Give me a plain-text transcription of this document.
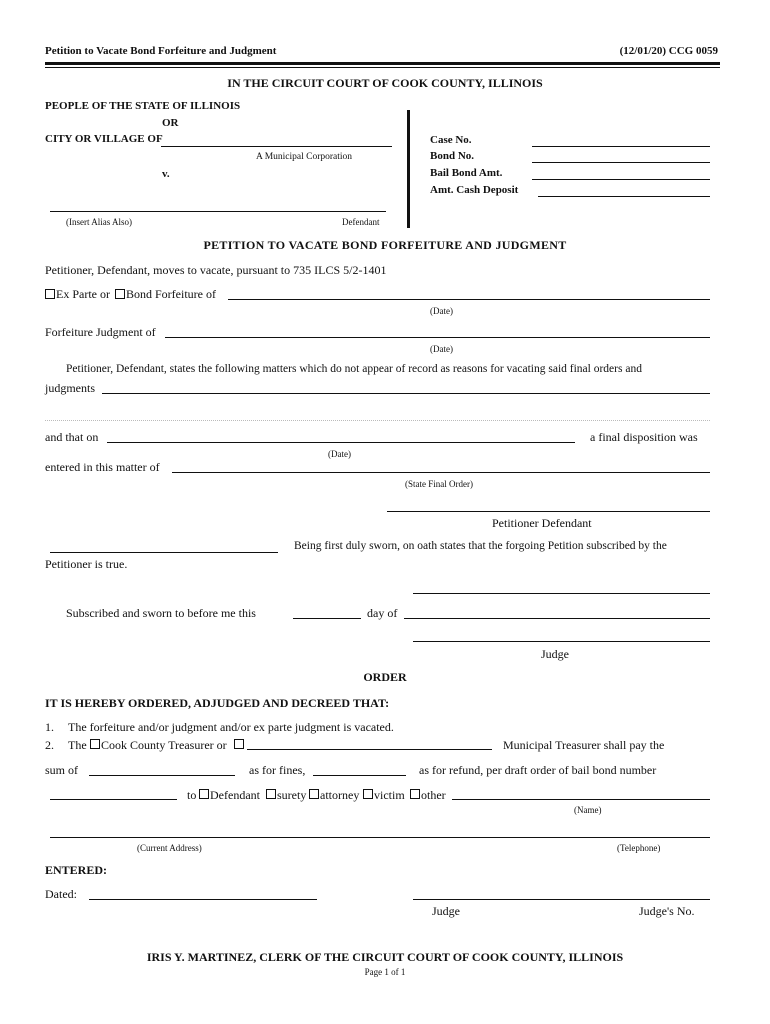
Petition to Vacate Bond Forfeiture and Judgment	(12/01/20) CCG 0059
IN THE CIRCUIT COURT OF COOK COUNTY, ILLINOIS
PEOPLE OF THE STATE OF ILLINOIS
OR
CITY OR VILLAGE OF
A Municipal Corporation
v.
(Insert Alias Also)	Defendant
Case No.
Bond No.
Bail Bond Amt.
Amt. Cash Deposit
PETITION TO VACATE BOND FORFEITURE AND JUDGMENT
Petitioner, Defendant, moves to vacate, pursuant to 735 ILCS 5/2-1401
Ex Parte or Bond Forfeiture of
(Date)
Forfeiture Judgment of
(Date)
Petitioner, Defendant, states the following matters which do not appear of record as reasons for vacating said final orders and
judgments
and that on	a final disposition was
(Date)
entered in this matter of
(State Final Order)
Petitioner Defendant
Being first duly sworn, on oath states that the forgoing Petition subscribed by the
Petitioner is true.
Subscribed and sworn to before me this	day of
Judge
ORDER
IT IS HEREBY ORDERED, ADJUDGED AND DECREED THAT:
1. The forfeiture and/or judgment and/or ex parte judgment is vacated.
2. The Cook County Treasurer or	Municipal Treasurer shall pay the
sum of	as for fines,	as for refund, per draft order of bail bond number
to Defendant surety attorney victim other
(Name)
(Current Address)	(Telephone)
ENTERED:
Dated:
Judge	Judge's No.
IRIS Y. MARTINEZ, CLERK OF THE CIRCUIT COURT OF COOK COUNTY, ILLINOIS
Page 1 of 1
